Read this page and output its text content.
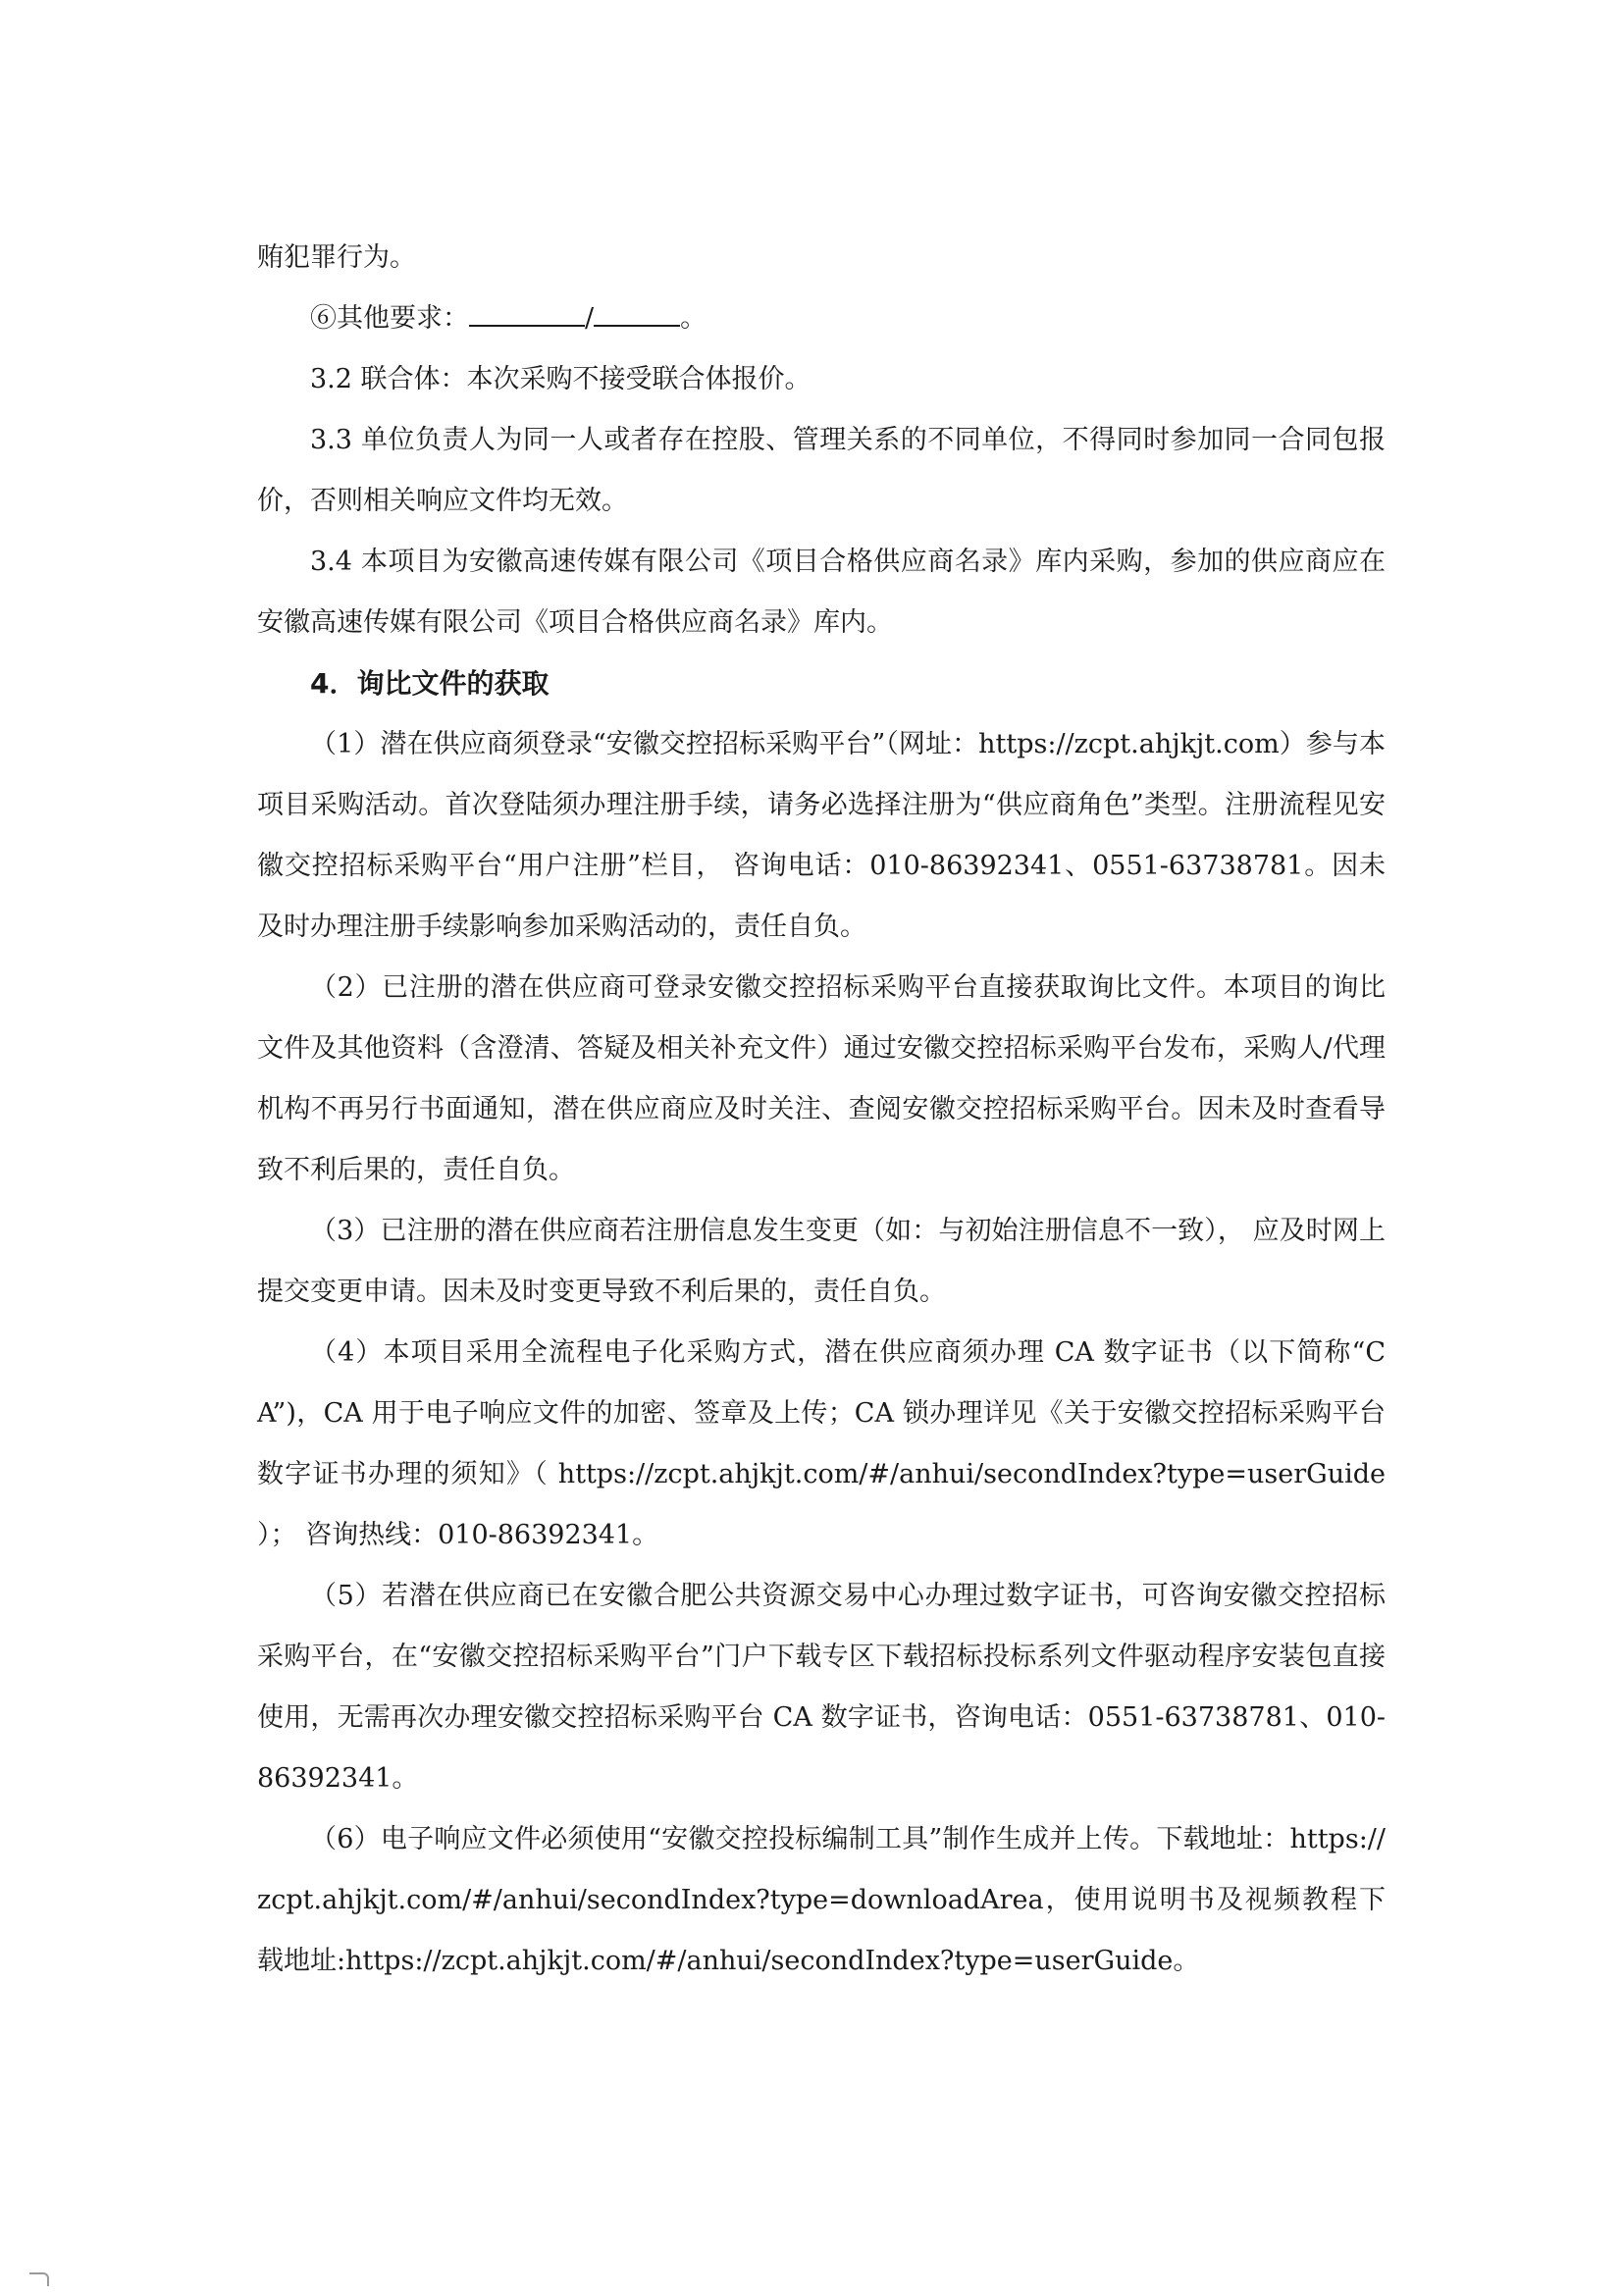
贿犯罪行为。

⑥其他要求：	/	。

3.2 联合体：本次采购不接受联合体报价。

3.3 单位负责人为同一人或者存在控股、管理关系的不同单位，不得同时参加同一合同包报价，否则相关响应文件均无效。

3.4 本项目为安徽高速传媒有限公司《项目合格供应商名录》库内采购，参加的供应商应在安徽高速传媒有限公司《项目合格供应商名录》库内。

4．询比文件的获取

（1）潜在供应商须登录“安徽交控招标采购平台”（网址：https://zcpt.ahjkjt.com）参与本项目采购活动。首次登陆须办理注册手续，请务必选择注册为“供应商角色”类型。注册流程见安徽交控招标采购平台“用户注册”栏目， 咨询电话：010-86392341、0551-63738781。因未及时办理注册手续影响参加采购活动的，责任自负。

（2）已注册的潜在供应商可登录安徽交控招标采购平台直接获取询比文件。本项目的询比文件及其他资料（含澄清、答疑及相关补充文件）通过安徽交控招标采购平台发布，采购人/代理机构不再另行书面通知，潜在供应商应及时关注、查阅安徽交控招标采购平台。因未及时查看导致不利后果的，责任自负。

（3）已注册的潜在供应商若注册信息发生变更（如：与初始注册信息不一致）， 应及时网上提交变更申请。因未及时变更导致不利后果的，责任自负。

（4）本项目采用全流程电子化采购方式，潜在供应商须办理 CA 数字证书（以下简称“CA”)，CA 用于电子响应文件的加密、签章及上传；CA 锁办理详见《关于安徽交控招标采购平台数字证书办理的须知》（ https://zcpt.ahjkjt.com/#/anhui/secondIndex?type=userGuide ）； 咨询热线：010-86392341。

（5）若潜在供应商已在安徽合肥公共资源交易中心办理过数字证书，可咨询安徽交控招标采购平台，在“安徽交控招标采购平台”门户下载专区下载招标投标系列文件驱动程序安装包直接使用，无需再次办理安徽交控招标采购平台 CA 数字证书，咨询电话：0551-63738781、010-86392341。

（6）电子响应文件必须使用“安徽交控投标编制工具”制作生成并上传。下载地址：https://zcpt.ahjkjt.com/#/anhui/secondIndex?type=downloadArea，使用说明书及视频教程下载地址:https://zcpt.ahjkjt.com/#/anhui/secondIndex?type=userGuide。
